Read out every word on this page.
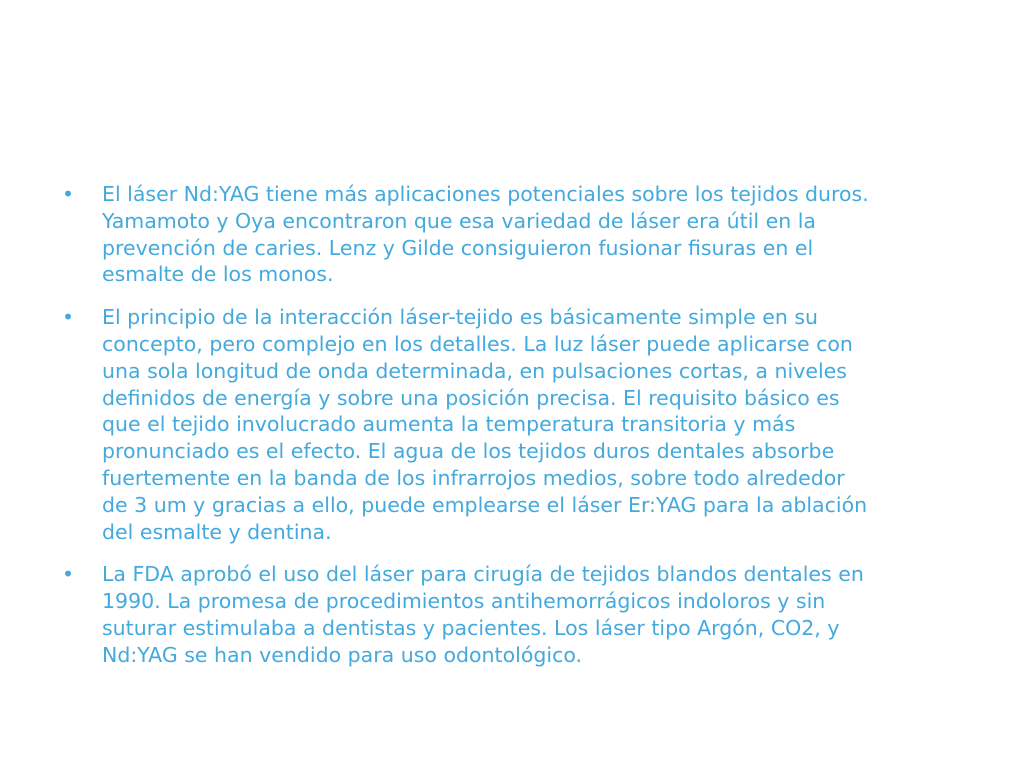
•	El láser Nd:YAG tiene más aplicaciones potenciales sobre los tejidos duros.
Yamamoto y Oya encontraron que esa variedad de láser era útil en la
prevención de caries. Lenz y Gilde consiguieron fusionar fisuras en el
esmalte de los monos.
•	El principio de la interacción láser-tejido es básicamente simple en su
concepto, pero complejo en los detalles. La luz láser puede aplicarse con
una sola longitud de onda determinada, en pulsaciones cortas, a niveles
definidos de energía y sobre una posición precisa. El requisito básico es
que el tejido involucrado aumenta la temperatura transitoria y más
pronunciado es el efecto. El agua de los tejidos duros dentales absorbe
fuertemente en la banda de los infrarrojos medios, sobre todo alrededor
de 3 um y gracias a ello, puede emplearse el láser Er:YAG para la ablación
del esmalte y dentina.
•	La FDA aprobó el uso del láser para cirugía de tejidos blandos dentales en
1990. La promesa de procedimientos antihemorrágicos indoloros y sin
suturar estimulaba a dentistas y pacientes. Los láser tipo Argón, CO2, y
Nd:YAG se han vendido para uso odontológico.
